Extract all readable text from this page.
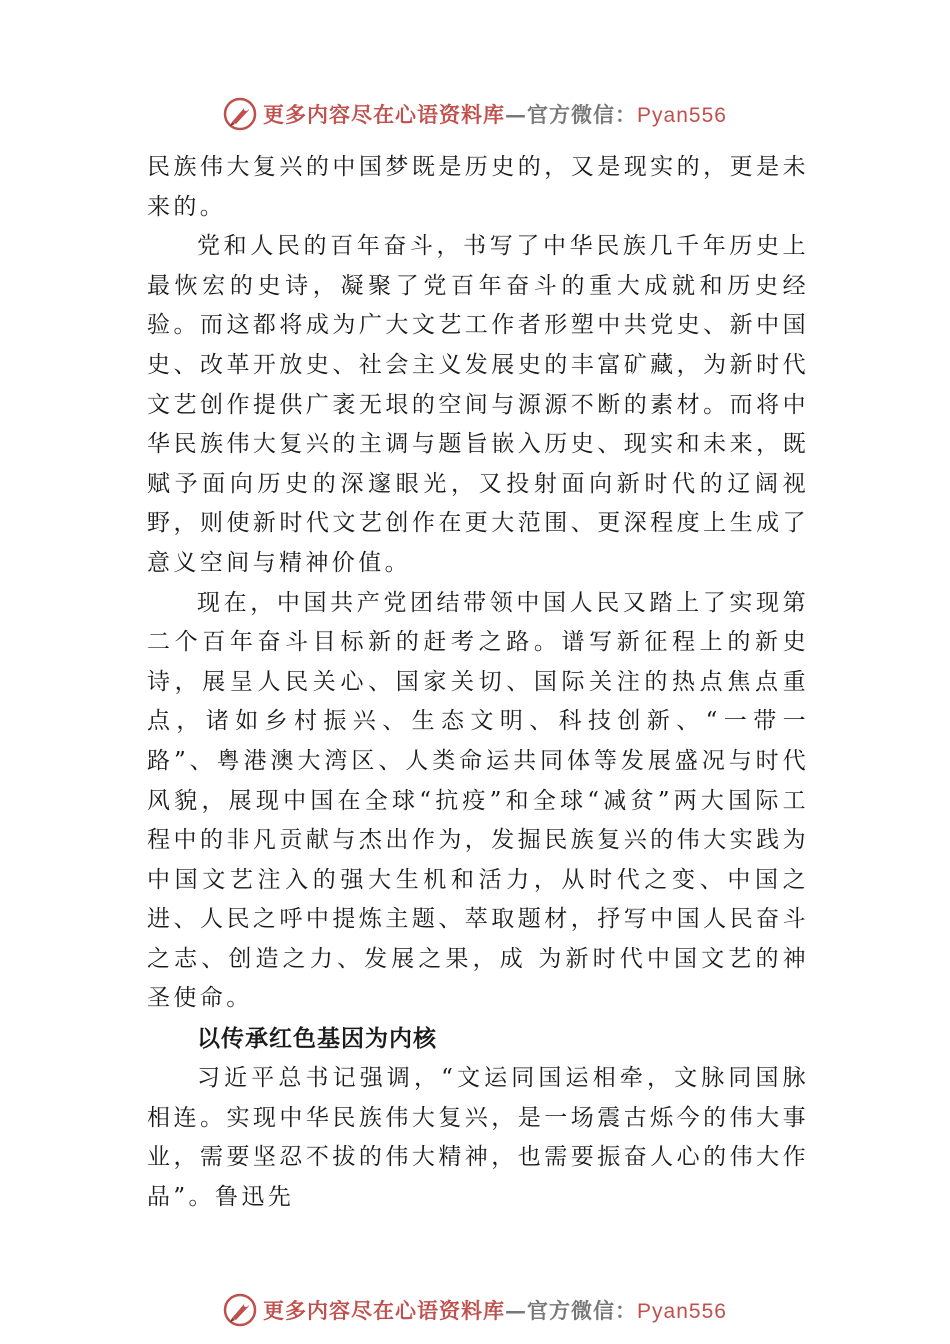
更多内容尽在心语资料库—官方微信：Pyan556

民族伟大复兴的中国梦既是历史的，又是现实的，更是未来的。

党和人民的百年奋斗，书写了中华民族几千年历史上最恢宏的史诗，凝聚了党百年奋斗的重大成就和历史经验。而这都将成为广大文艺工作者形塑中共党史、新中国史、改革开放史、社会主义发展史的丰富矿藏，为新时代文艺创作提供广袤无垠的空间与源源不断的素材。而将中华民族伟大复兴的主调与题旨嵌入历史、现实和未来，既赋予面向历史的深邃眼光，又投射面向新时代的辽阔视野，则使新时代文艺创作在更大范围、更深程度上生成了意义空间与精神价值。

现在，中国共产党团结带领中国人民又踏上了实现第二个百年奋斗目标新的赶考之路。谱写新征程上的新史诗，展呈人民关心、国家关切、国际关注的热点焦点重点，诸如乡村振兴、生态文明、科技创新、“一带一路”、粤港澳大湾区、人类命运共同体等发展盛况与时代风貌，展现中国在全球“抗疫”和全球“减贫”两大国际工程中的非凡贡献与杰出作为，发掘民族复兴的伟大实践为中国文艺注入的强大生机和活力，从时代之变、中国之进、人民之呼中提炼主题、萃取题材，抒写中国人民奋斗之志、创造之力、发展之果，成 为新时代中国文艺的神圣使命。

以传承红色基因为内核

习近平总书记强调，“文运同国运相牵，文脉同国脉相连。实现中华民族伟大复兴，是一场震古烁今的伟大事业，需要坚忍不拔的伟大精神，也需要振奋人心的伟大作品”。鲁迅先

更多内容尽在心语资料库—官方微信：Pyan556
